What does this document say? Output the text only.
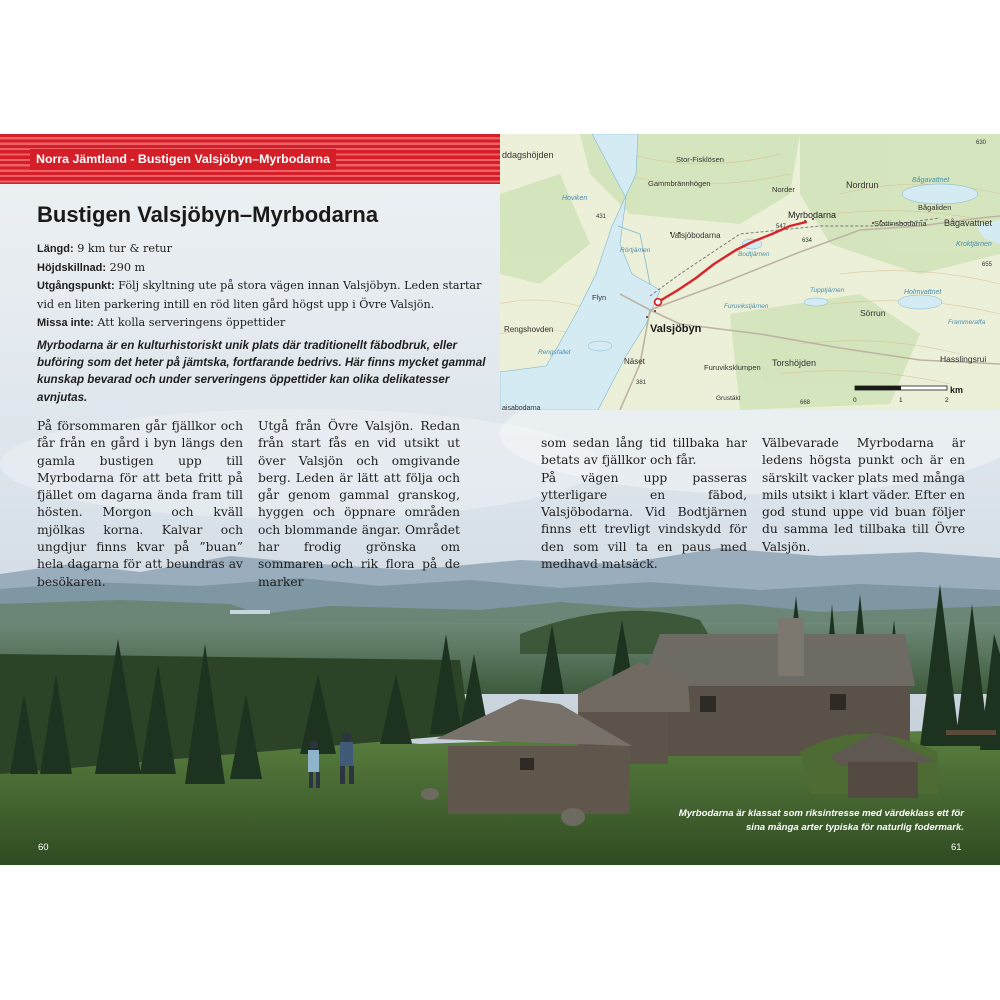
Norra Jämtland - Bustigen Valsjöbyn–Myrbodarna	ddagshöjden
Hoviken
Stor-Fisklösen
Gammbrännhögen
Norder	Nordrun	Bågavattnet
Bågaliden
Bågavattnet
Myrbodarna
Stattinsbodarna
Kroktjärnen
Valsjöbodarna
Rörtjärnen
Bodtjärnen
Tupptjärnen	Holmvattnet
Flyn
Rengshovden	Valsjöbyn
Sörrun
Frammeraffa
Näset
Furuvikstjärnen
Furuviksklumpen
Rengsfallet
Torshöjden	Hasslingsrui
Grustäkt
aisabodarna
547
634
668
431
381
630
655
0	1	2
km
Bustigen Valsjöbyn–Myrbodarna

Längd: 9 km tur & retur

Höjdskillnad: 290 m

Utgångspunkt: Följ skyltning ute på stora vägen innan Valsjöbyn. Leden startar vid en liten parkering intill en röd liten gård högst upp i Övre Valsjön.

Missa inte: Att kolla serveringens öppettider

Myrbodarna är en kulturhistoriskt unik plats där traditionellt fäbodbruk, eller buföring som det heter på jämtska, fortfarande bedrivs. Här finns mycket gammal kunskap bevarad och under serveringens öppettider kan olika delikatesser avnjutas.

På försommaren går fjällkor och får från en gård i byn längs den gamla bustigen upp till Myrbodarna för att beta fritt på fjället om dagarna ända fram till hösten. Morgon och kväll mjölkas korna. Kalvar och ungdjur finns kvar på ”buan” hela dagarna för att beundras av besökaren.

Utgå från Övre Valsjön. Redan från start fås en vid utsikt ut över Valsjön och omgivande berg. Leden är lätt att följa och går genom gammal granskog, hyggen och öppnare områden och blommande ängar. Området har frodig grönska om sommaren och rik flora på de marker

som sedan lång tid tillbaka har betats av fjällkor och får.
På vägen upp passeras ytterligare en fäbod, Valsjöbodarna. Vid Bodtjärnen finns ett trevligt vindskydd för den som vill ta en paus med medhavd matsäck.

Välbevarade Myrbodarna är ledens högsta punkt och är en särskilt vacker plats med många mils utsikt i klart väder. Efter en god stund uppe vid buan följer du samma led tillbaka till Övre Valsjön.

Myrbodarna är klassat som riksintresse med värdeklass ett för sina många arter typiska för naturlig fodermark.

60	61
